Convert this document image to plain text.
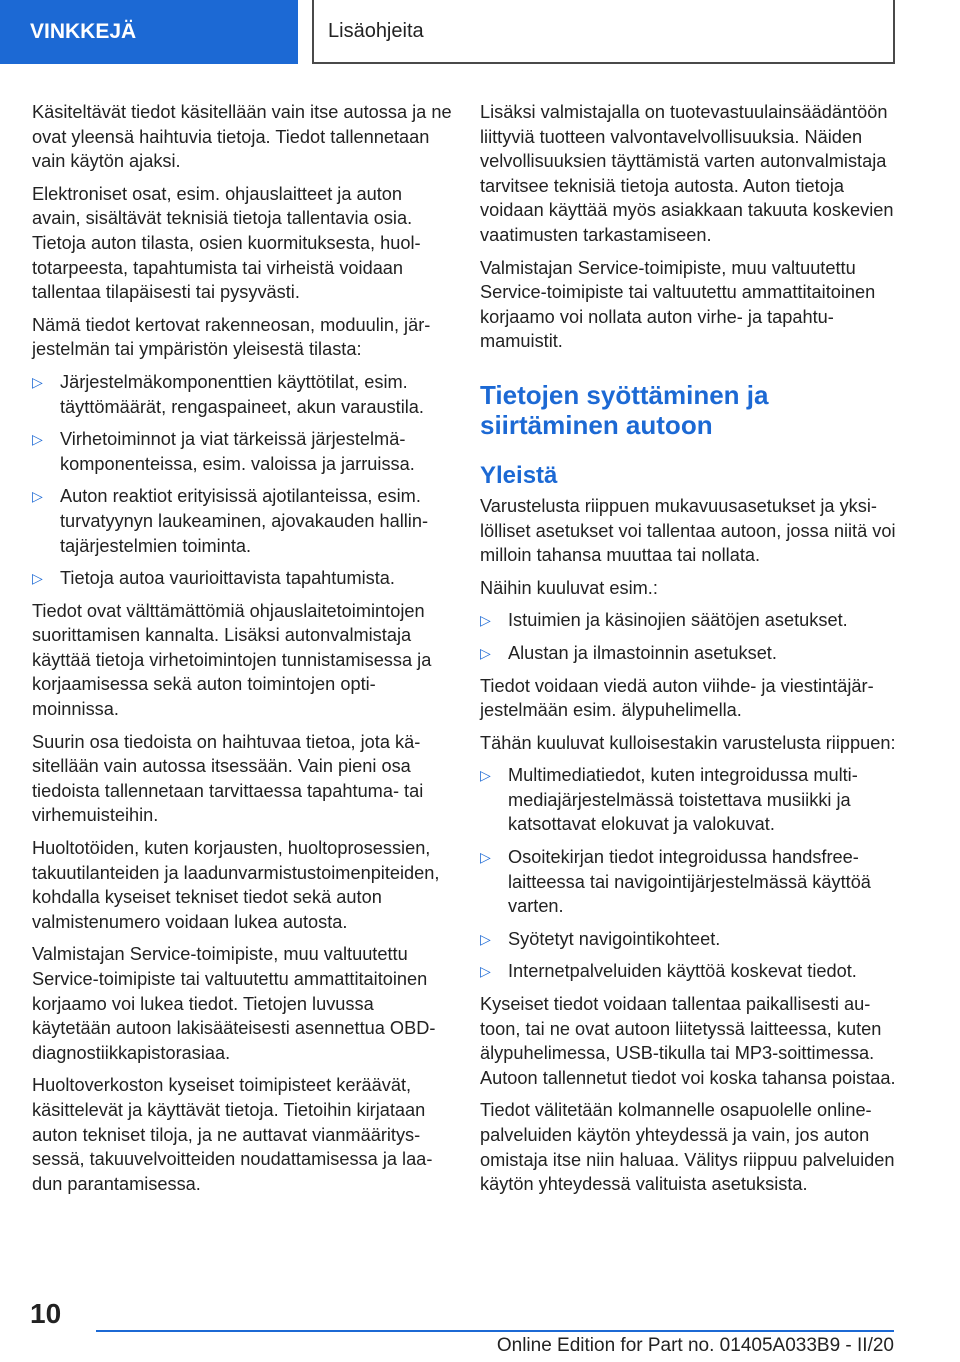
VINKKEJÄ	Lisäohjeita

Käsiteltävät tiedot käsitellään vain itse autossa ja ne ovat yleensä haihtuvia tietoja. Tiedot tallennetaan vain käytön ajaksi.

Elektroniset osat, esim. ohjauslaitteet ja auton avain, sisältävät teknisiä tietoja tallentavia osia. Tietoja auton tilasta, osien kuormituksesta, huoltotarpeesta, tapahtumista tai virheistä voidaan tallentaa tilapäisesti tai pysyvästi.

Nämä tiedot kertovat rakenneosan, moduulin, järjestelmän tai ympäristön yleisestä tilasta:

▷ Järjestelmäkomponenttien käyttötilat, esim. täyttömäärät, rengaspaineet, akun varaustila.
▷ Virhetoiminnot ja viat tärkeissä järjestelmäkomponenteissa, esim. valoissa ja jarruissa.
▷ Auton reaktiot erityisissä ajotilanteissa, esim. turvatyynyn laukeaminen, ajovakauden hallintajärjestelmien toiminta.
▷ Tietoja autoa vaurioittavista tapahtumista.

Tiedot ovat välttämättömiä ohjauslaitetoimintojen suorittamisen kannalta. Lisäksi autonvalmistaja käyttää tietoja virhetoimintojen tunnistamisessa ja korjaamisessa sekä auton toimintojen optimoinnissa.

Suurin osa tiedoista on haihtuvaa tietoa, jota käsitellään vain autossa itsessään. Vain pieni osa tiedoista tallennetaan tarvittaessa tapahtuma- tai virhemuisteihin.

Huoltotöiden, kuten korjausten, huoltoprosessien, takuutilanteiden ja laadunvarmistustoimenpiteiden, kohdalla kyseiset tekniset tiedot sekä auton valmistenumero voidaan lukea autosta.

Valmistajan Service-toimipiste, muu valtuutettu Service-toimipiste tai valtuutettu ammattitaitoinen korjaamo voi lukea tiedot. Tietojen luvussa käytetään autoon lakisääteisesti asennettua OBD-diagnostiikkapistorasiaa.

Huoltoverkoston kyseiset toimipisteet keräävät, käsittelevät ja käyttävät tietoja. Tietoihin kirjataan auton tekniset tiloja, ja ne auttavat vianmäärityssessä, takuuvelvoitteiden noudattamisessa ja laadun parantamisessa.

Lisäksi valmistajalla on tuotevastuulainsäädäntöön liittyviä tuotteen valvontavelvollisuuksia. Näiden velvollisuuksien täyttämistä varten autonvalmistaja tarvitsee teknisiä tietoja autosta. Auton tietoja voidaan käyttää myös asiakkaan takuuta koskevien vaatimusten tarkastamiseen.

Valmistajan Service-toimipiste, muu valtuutettu Service-toimipiste tai valtuutettu ammattitaitoinen korjaamo voi nollata auton virhe- ja tapahtumamuistit.

Tietojen syöttäminen ja siirtäminen autoon
Yleistä

Varustelusta riippuen mukavuusasetukset ja yksilölliset asetukset voi tallentaa autoon, jossa niitä voi milloin tahansa muuttaa tai nollata.

Näihin kuuluvat esim.:

▷ Istuimien ja käsinojien säätöjen asetukset.
▷ Alustan ja ilmastoinnin asetukset.

Tiedot voidaan viedä auton viihde- ja viestintäjärjestelmään esim. älypuhelimella.

Tähän kuuluvat kulloisestakin varustelusta riippuen:

▷ Multimediatiedot, kuten integroidussa multimediajärjestelmässä toistettava musiikki ja katsottavat elokuvat ja valokuvat.
▷ Osoitekirjan tiedot integroidussa handsfree-laitteessa tai navigointijärjestelmässä käyttöä varten.
▷ Syötetyt navigointikohteet.
▷ Internetpalveluiden käyttöä koskevat tiedot.

Kyseiset tiedot voidaan tallentaa paikallisesti autoon, tai ne ovat autoon liitetyssä laitteessa, kuten älypuhelimessa, USB-tikulla tai MP3-soittimessa. Autoon tallennetut tiedot voi koska tahansa poistaa.

Tiedot välitetään kolmannelle osapuolelle online-palveluiden käytön yhteydessä ja vain, jos auton omistaja itse niin haluaa. Välitys riippuu palveluiden käytön yhteydessä valituista asetuksista.

10
Online Edition for Part no. 01405A033B9 - II/20
